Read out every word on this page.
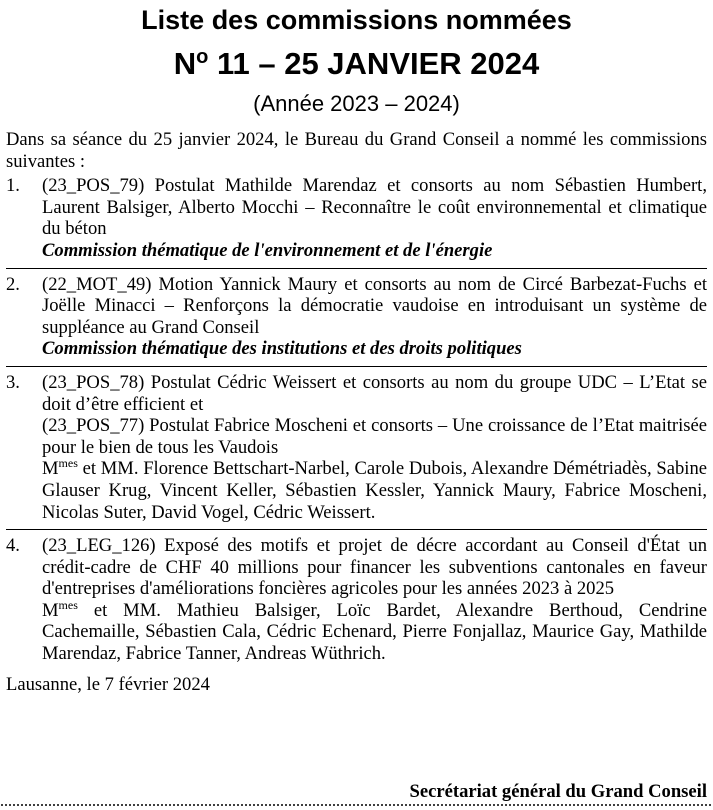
Liste des commissions nommées
$N^o$ 11 – 25 JANVIER 2024
(Année 2023 – 2024)
Dans sa séance du 25 janvier 2024, le Bureau du Grand Conseil a nommé les commissions suivantes :
1. (23_POS_79) Postulat Mathilde Marendaz et consorts au nom Sébastien Humbert, Laurent Balsiger, Alberto Mocchi – Reconnaître le coût environnemental et climatique du béton
Commission thématique de l'environnement et de l'énergie
2. (22_MOT_49) Motion Yannick Maury et consorts au nom de Circé Barbezat-Fuchs et Joëlle Minacci – Renforçons la démocratie vaudoise en introduisant un système de suppléance au Grand Conseil
Commission thématique des institutions et des droits politiques
3. (23_POS_78) Postulat Cédric Weissert et consorts au nom du groupe UDC – L’Etat se doit d’être efficient et
(23_POS_77) Postulat Fabrice Moscheni et consorts – Une croissance de l’Etat maitrisée pour le bien de tous les Vaudois
$M^{mes}$ et MM. Florence Bettschart-Narbel, Carole Dubois, Alexandre Démétriadès, Sabine Glauser Krug, Vincent Keller, Sébastien Kessler, Yannick Maury, Fabrice Moscheni, Nicolas Suter, David Vogel, Cédric Weissert.
4. (23_LEG_126) Exposé des motifs et projet de décre accordant au Conseil d'État un crédit-cadre de CHF 40 millions pour financer les subventions cantonales en faveur d'entreprises d'améliorations foncières agricoles pour les années 2023 à 2025
$M^{mes}$ et MM. Mathieu Balsiger, Loïc Bardet, Alexandre Berthoud, Cendrine Cachemaille, Sébastien Cala, Cédric Echenard, Pierre Fonjallaz, Maurice Gay, Mathilde Marendaz, Fabrice Tanner, Andreas Wüthrich.
Lausanne, le 7 février 2024
Secrétariat général du Grand Conseil
